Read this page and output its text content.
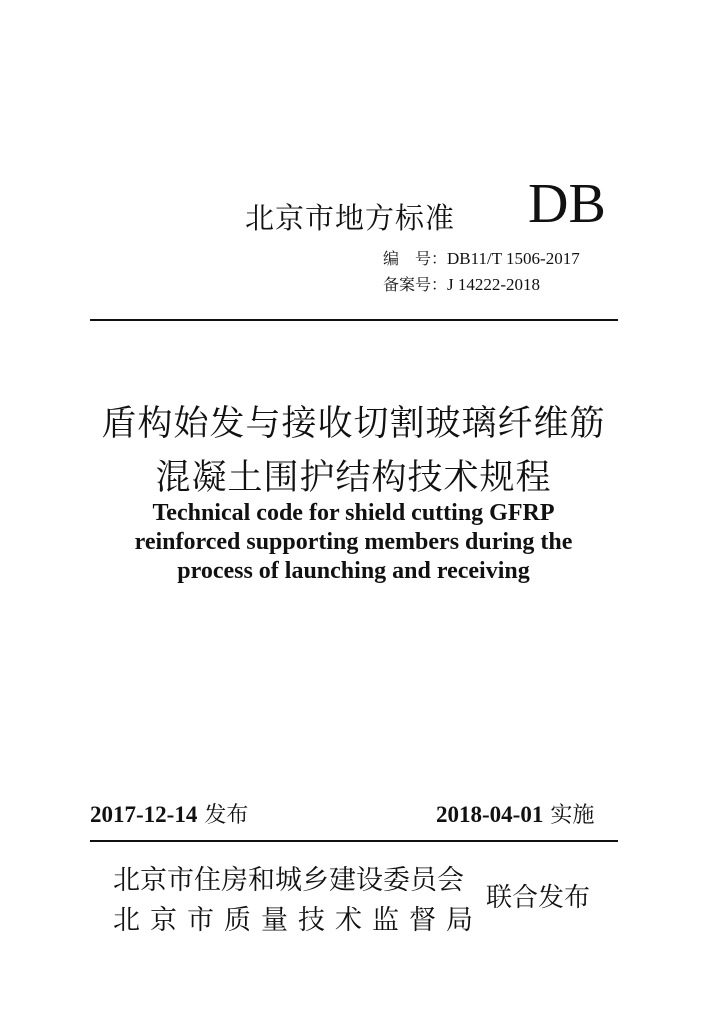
北京市地方标准 DB
编　号：DB11/T 1506-2017
备案号：J 14222-2018
盾构始发与接收切割玻璃纤维筋
混凝土围护结构技术规程
Technical code for shield cutting GFRP
reinforced supporting members during the
process of launching and receiving
2017-12-14 发布	2018-04-01 实施
北京市住房和城乡建设委员会
北京市质量技术监督局
联合发布
